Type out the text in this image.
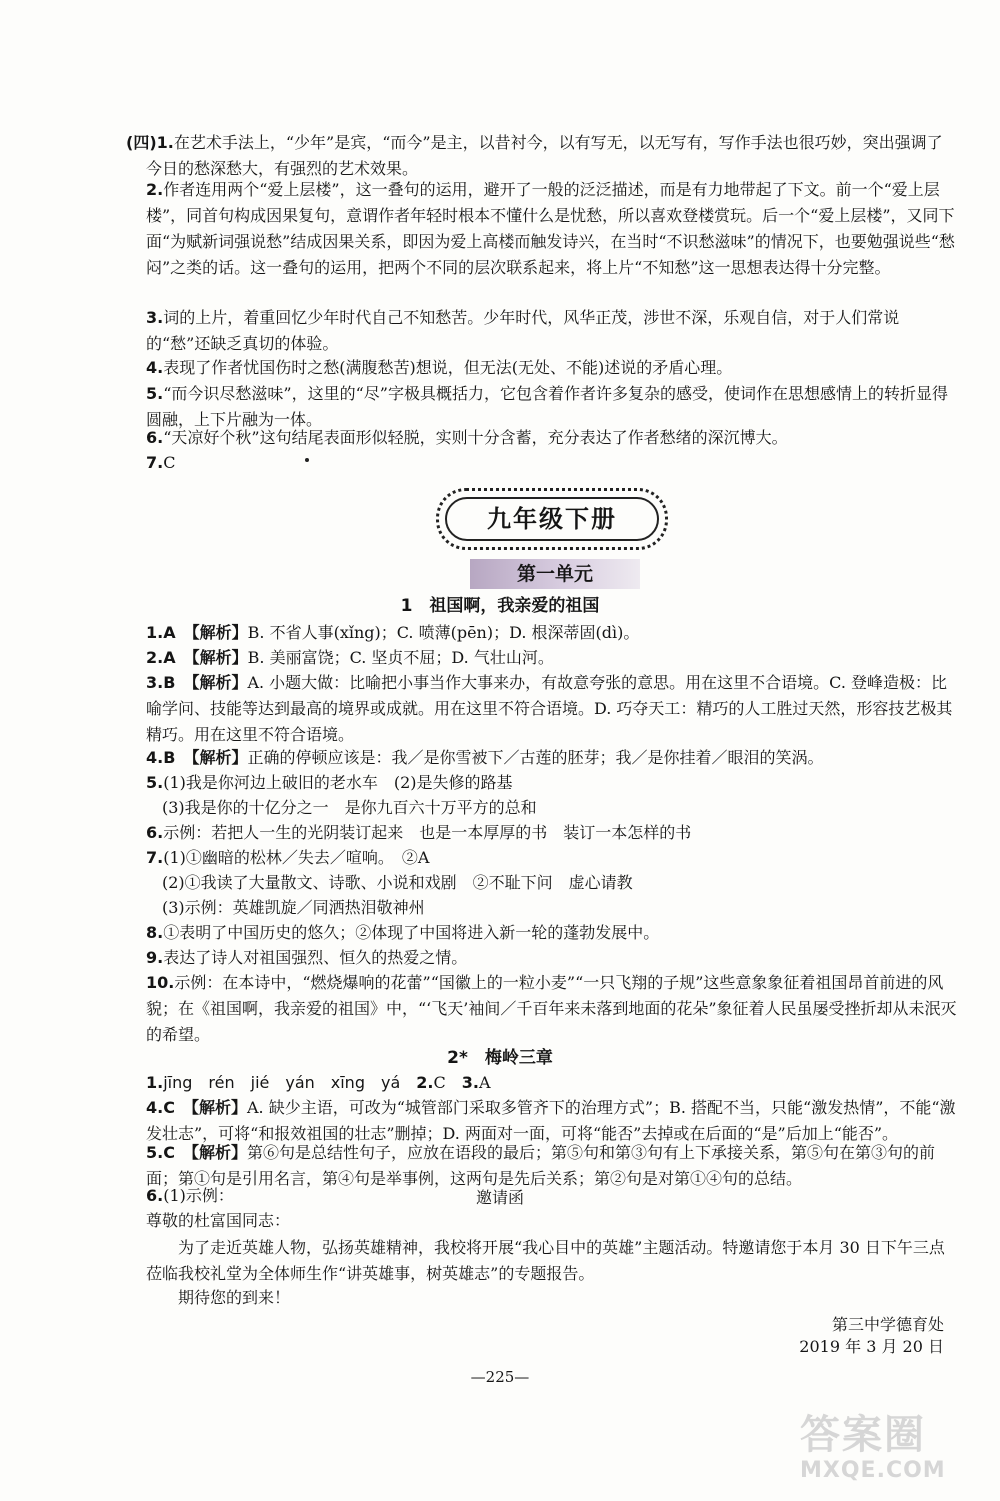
(四)1.在艺术手法上，“少年”是宾，“而今”是主，以昔衬今，以有写无，以无写有，写作手法也很巧妙，突出强调了今日的愁深愁大，有强烈的艺术效果。
2.作者连用两个“爱上层楼”，这一叠句的运用，避开了一般的泛泛描述，而是有力地带起了下文。前一个“爱上层楼”，同首句构成因果复句，意谓作者年轻时根本不懂什么是忧愁，所以喜欢登楼赏玩。后一个“爱上层楼”，又同下面“为赋新词强说愁”结成因果关系，即因为爱上高楼而触发诗兴，在当时“不识愁滋味”的情况下，也要勉强说些“愁闷”之类的话。这一叠句的运用，把两个不同的层次联系起来，将上片“不知愁”这一思想表达得十分完整。
3.词的上片，着重回忆少年时代自己不知愁苦。少年时代，风华正茂，涉世不深，乐观自信，对于人们常说的“愁”还缺乏真切的体验。
4.表现了作者忧国伤时之愁(满腹愁苦)想说，但无法(无处、不能)述说的矛盾心理。
5.“而今识尽愁滋味”，这里的“尽”字极具概括力，它包含着作者许多复杂的感受，使词作在思想感情上的转折显得圆融，上下片融为一体。
6.“天凉好个秋”这句结尾表面形似轻脱，实则十分含蓄，充分表达了作者愁绪的深沉博大。
7.C
九年级下册
第一单元
1　祖国啊，我亲爱的祖国
1.A　 【解析】B. 不省人事(xǐng)；C. 喷薄(pēn)；D. 根深蒂固(dì)。
2.A　 【解析】B. 美丽富饶；C. 坚贞不屈；D. 气壮山河。
3.B　 【解析】A. 小题大做：比喻把小事当作大事来办，有故意夸张的意思。用在这里不合语境。C. 登峰造极：比喻学问、技能等达到最高的境界或成就。用在这里不符合语境。D. 巧夺天工：精巧的人工胜过天然，形容技艺极其精巧。用在这里不符合语境。
4.B　 【解析】正确的停顿应该是：我／是你雪被下／古莲的胚芽；我／是你挂着／眼泪的笑涡。
5.(1)我是你河边上破旧的老水车　(2)是失修的路基
(3)我是你的十亿分之一　是你九百六十万平方的总和
6.示例：若把人一生的光阴装订起来　也是一本厚厚的书　装订一本怎样的书
7.(1)①幽暗的松林／失去／喧响。　②A
(2)①我读了大量散文、诗歌、小说和戏剧　②不耻下问　虚心请教
(3)示例：英雄凯旋／同洒热泪敬神州
8.①表明了中国历史的悠久；②体现了中国将进入新一轮的蓬勃发展中。
9.表达了诗人对祖国强烈、恒久的热爱之情。
10.示例：在本诗中，“燃烧爆响的花蕾”“国徽上的一粒小麦”“一只飞翔的子规”这些意象象征着祖国昂首前进的风貌；在《祖国啊，我亲爱的祖国》中，“‘飞天’袖间／千百年来未落到地面的花朵”象征着人民虽屡受挫折却从未泯灭的希望。
2*　梅岭三章
1.jīng　rén　jié　yán　xīng　yá　 2.C　 3.A
4.C　 【解析】A. 缺少主语，可改为“城管部门采取多管齐下的治理方式”；B. 搭配不当，只能“激发热情”，不能“激发壮志”，可将“和报效祖国的壮志”删掉；D. 两面对一面，可将“能否”去掉或在后面的“是”后加上“能否”。
5.C　 【解析】第⑥句是总结性句子，应放在语段的最后；第⑤句和第③句有上下承接关系，第⑤句在第③句的前面；第①句是引用名言，第④句是举事例，这两句是先后关系；第②句是对第①④句的总结。
6.(1)示例：	邀请函
尊敬的杜富国同志：
为了走近英雄人物，弘扬英雄精神，我校将开展“我心目中的英雄”主题活动。特邀请您于本月 30 日下午三点莅临我校礼堂为全体师生作“讲英雄事，树英雄志”的专题报告。
期待您的到来！
第三中学德育处
2019 年 3 月 20 日
—225—
答案圈
MXQE.COM
